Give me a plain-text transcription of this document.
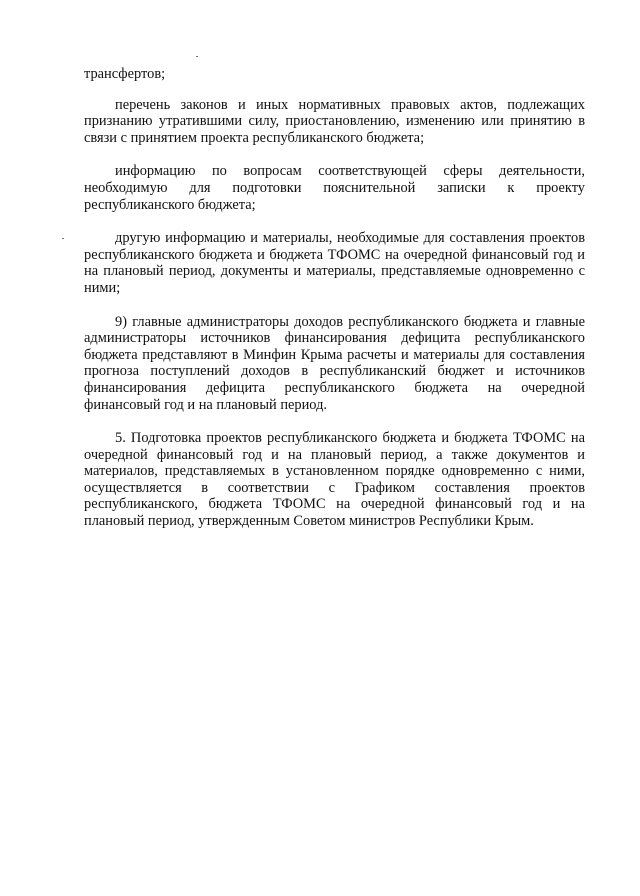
трансфертов;

перечень законов и иных нормативных правовых актов, подлежащих признанию утратившими силу, приостановлению, изменению или принятию в связи с принятием проекта республиканского бюджета;

информацию по вопросам соответствующей сферы деятельности, необходимую для подготовки пояснительной записки к проекту республиканского бюджета;

другую информацию и материалы, необходимые для составления проектов республиканского бюджета и бюджета ТФОМС на очередной финансовый год и на плановый период, документы и материалы, представляемые одновременно с ними;

9) главные администраторы доходов республиканского бюджета и главные администраторы источников финансирования дефицита республиканского бюджета представляют в Минфин Крыма расчеты и материалы для составления прогноза поступлений доходов в республиканский бюджет и источников финансирования дефицита республиканского бюджета на очередной финансовый год и на плановый период.

5. Подготовка проектов республиканского бюджета и бюджета ТФОМС на очередной финансовый год и на плановый период, а также документов и материалов, представляемых в установленном порядке одновременно с ними, осуществляется в соответствии с Графиком составления проектов республиканского, бюджета ТФОМС на очередной финансовый год и на плановый период, утвержденным Советом министров Республики Крым.
